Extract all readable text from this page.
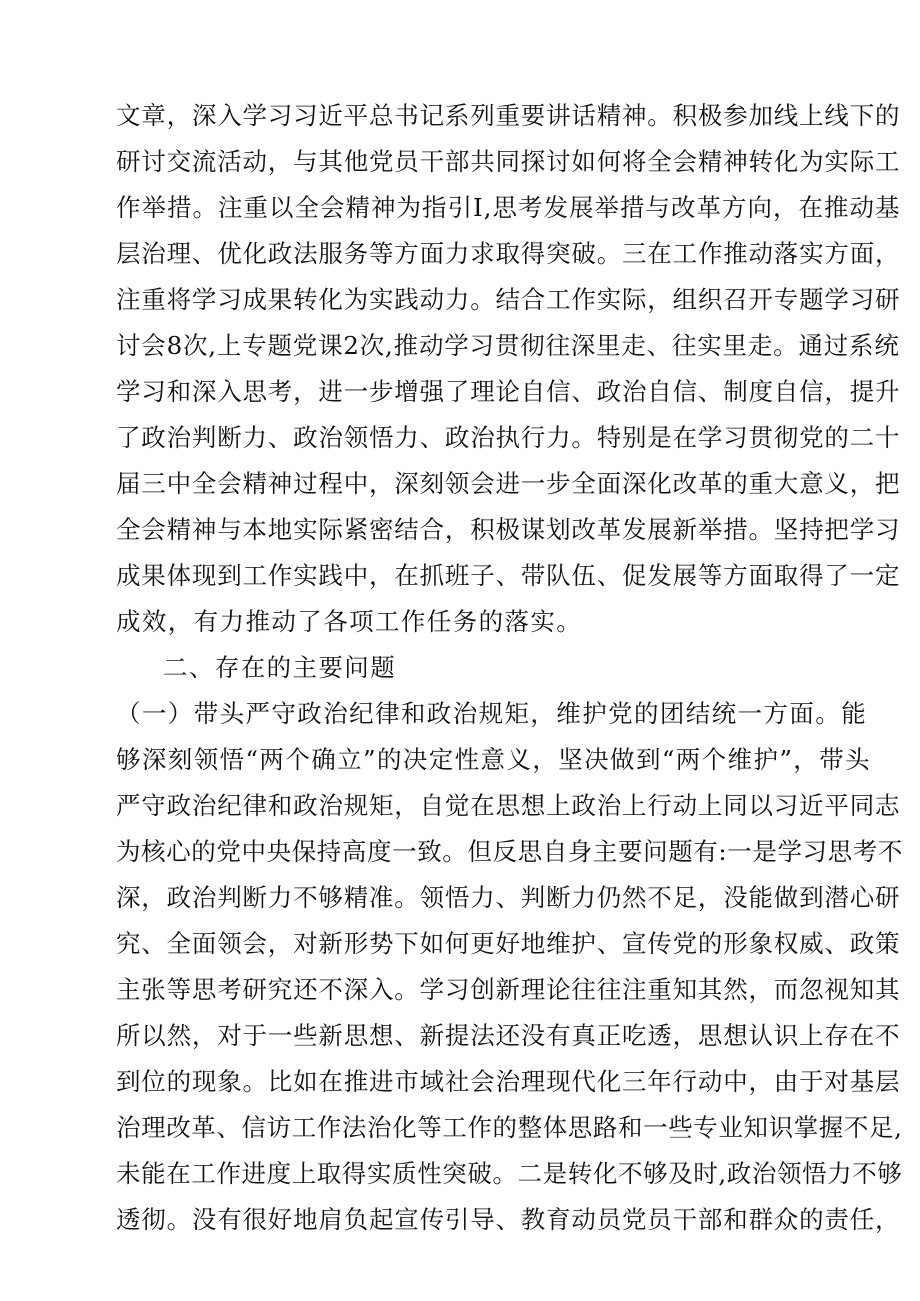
文章，深入学习习近平总书记系列重要讲话精神。积极参加线上线下的
研讨交流活动，与其他党员干部共同探讨如何将全会精神转化为实际工
作举措。注重以全会精神为指引I,思考发展举措与改革方向，在推动基
层治理、优化政法服务等方面力求取得突破。三在工作推动落实方面，
注重将学习成果转化为实践动力。结合工作实际，组织召开专题学习研
讨会8次,上专题党课2次,推动学习贯彻往深里走、往实里走。通过系统
学习和深入思考，进一步增强了理论自信、政治自信、制度自信，提升
了政治判断力、政治领悟力、政治执行力。特别是在学习贯彻党的二十
届三中全会精神过程中，深刻领会进一步全面深化改革的重大意义，把
全会精神与本地实际紧密结合，积极谋划改革发展新举措。坚持把学习
成果体现到工作实践中，在抓班子、带队伍、促发展等方面取得了一定
成效，有力推动了各项工作任务的落实。
二、存在的主要问题
（一）带头严守政治纪律和政治规矩，维护党的团结统一方面。能
够深刻领悟“两个确立”的决定性意义，坚决做到“两个维护”，带头
严守政治纪律和政治规矩，自觉在思想上政治上行动上同以习近平同志
为核心的党中央保持高度一致。但反思自身主要问题有:一是学习思考不
深，政治判断力不够精准。领悟力、判断力仍然不足，没能做到潜心研
究、全面领会，对新形势下如何更好地维护、宣传党的形象权威、政策
主张等思考研究还不深入。学习创新理论往往注重知其然，而忽视知其
所以然，对于一些新思想、新提法还没有真正吃透，思想认识上存在不
到位的现象。比如在推进市域社会治理现代化三年行动中，由于对基层
治理改革、信访工作法治化等工作的整体思路和一些专业知识掌握不足,
未能在工作进度上取得实质性突破。二是转化不够及时,政治领悟力不够
透彻。没有很好地肩负起宣传引导、教育动员党员干部和群众的责任，
